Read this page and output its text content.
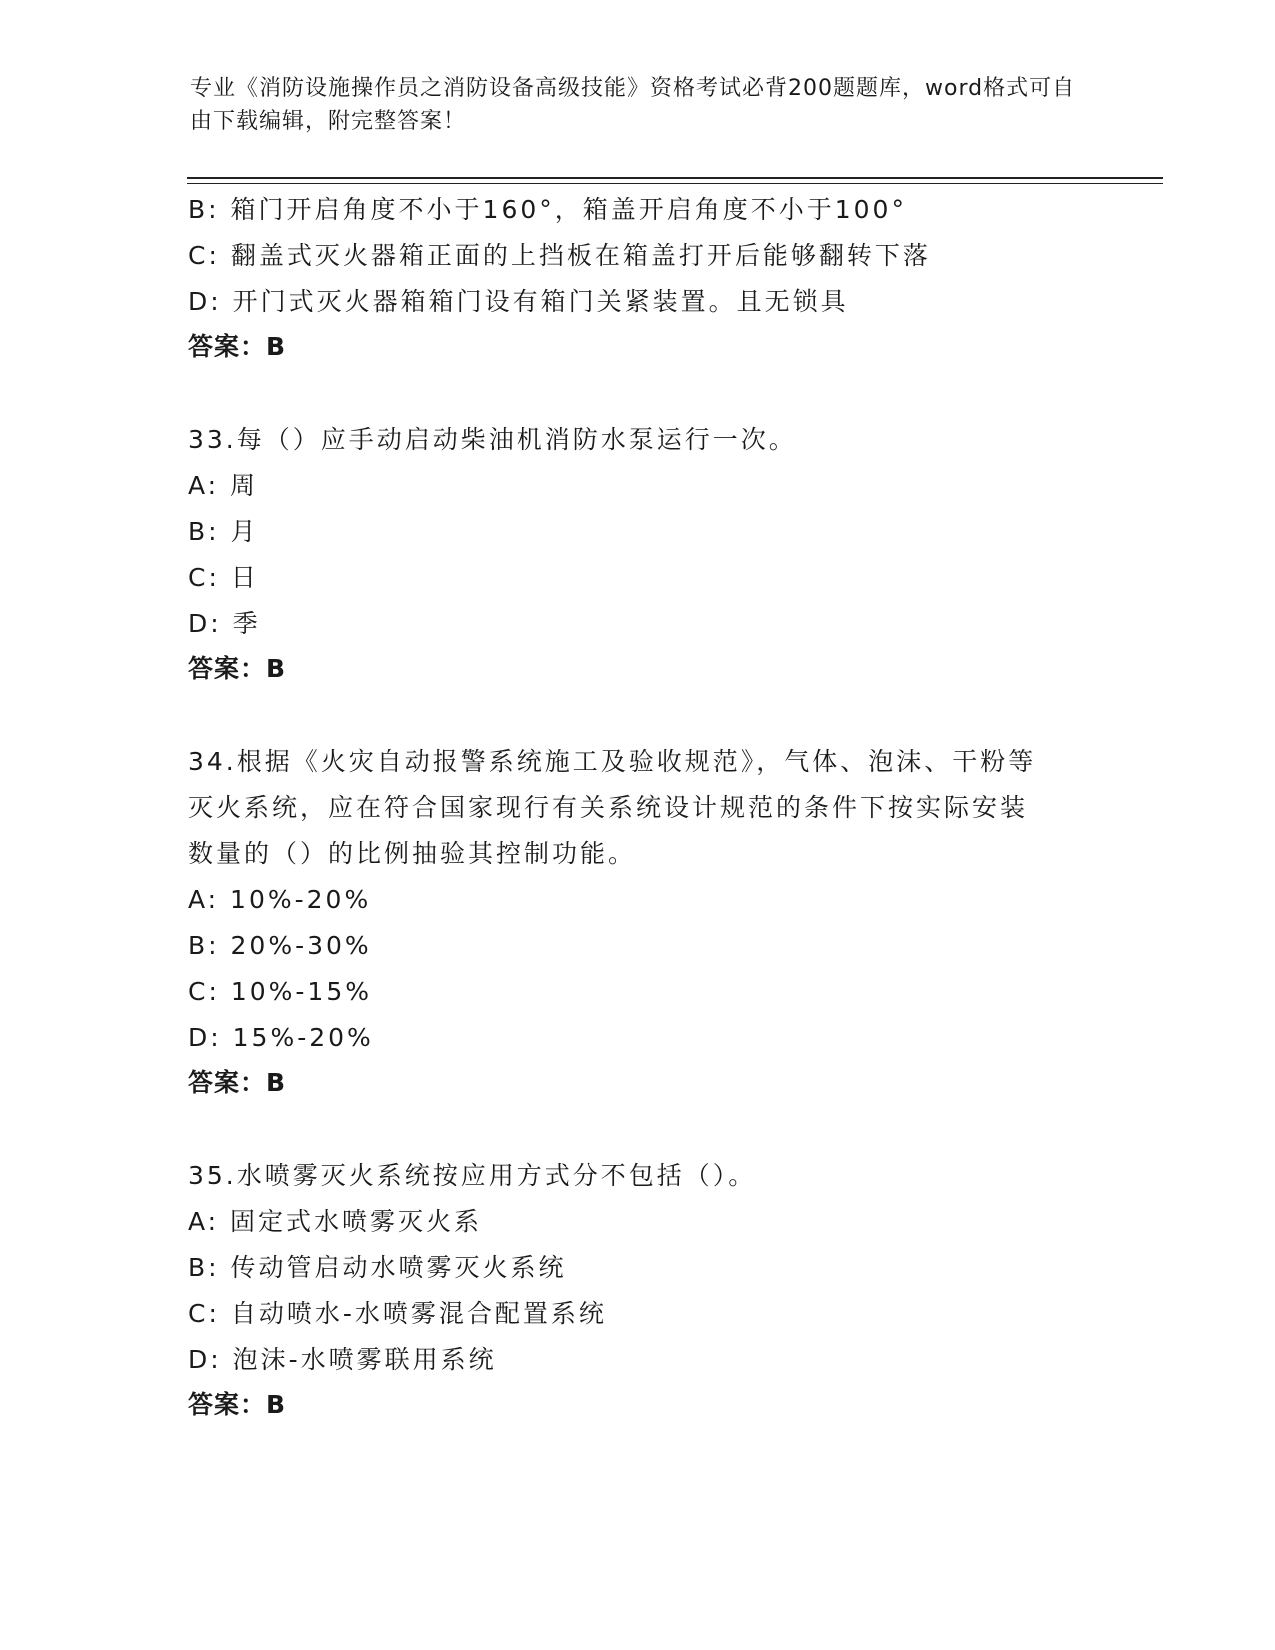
专业《消防设施操作员之消防设备高级技能》资格考试必背200题题库，word格式可自由下载编辑，附完整答案！

B: 箱门开启角度不小于160°，箱盖开启角度不小于100°

C: 翻盖式灭火器箱正面的上挡板在箱盖打开后能够翻转下落

D: 开门式灭火器箱箱门设有箱门关紧装置。且无锁具

答案：B

33.每（）应手动启动柴油机消防水泵运行一次。

A: 周

B: 月

C: 日

D: 季

答案：B

34.根据《火灾自动报警系统施工及验收规范》，气体、泡沫、干粉等

灭火系统，应在符合国家现行有关系统设计规范的条件下按实际安装

数量的（）的比例抽验其控制功能。

A: 10%-20%

B: 20%-30%

C: 10%-15%

D: 15%-20%

答案：B

35.水喷雾灭火系统按应用方式分不包括（）。

A: 固定式水喷雾灭火系

B: 传动管启动水喷雾灭火系统

C: 自动喷水-水喷雾混合配置系统

D: 泡沫-水喷雾联用系统

答案：B
